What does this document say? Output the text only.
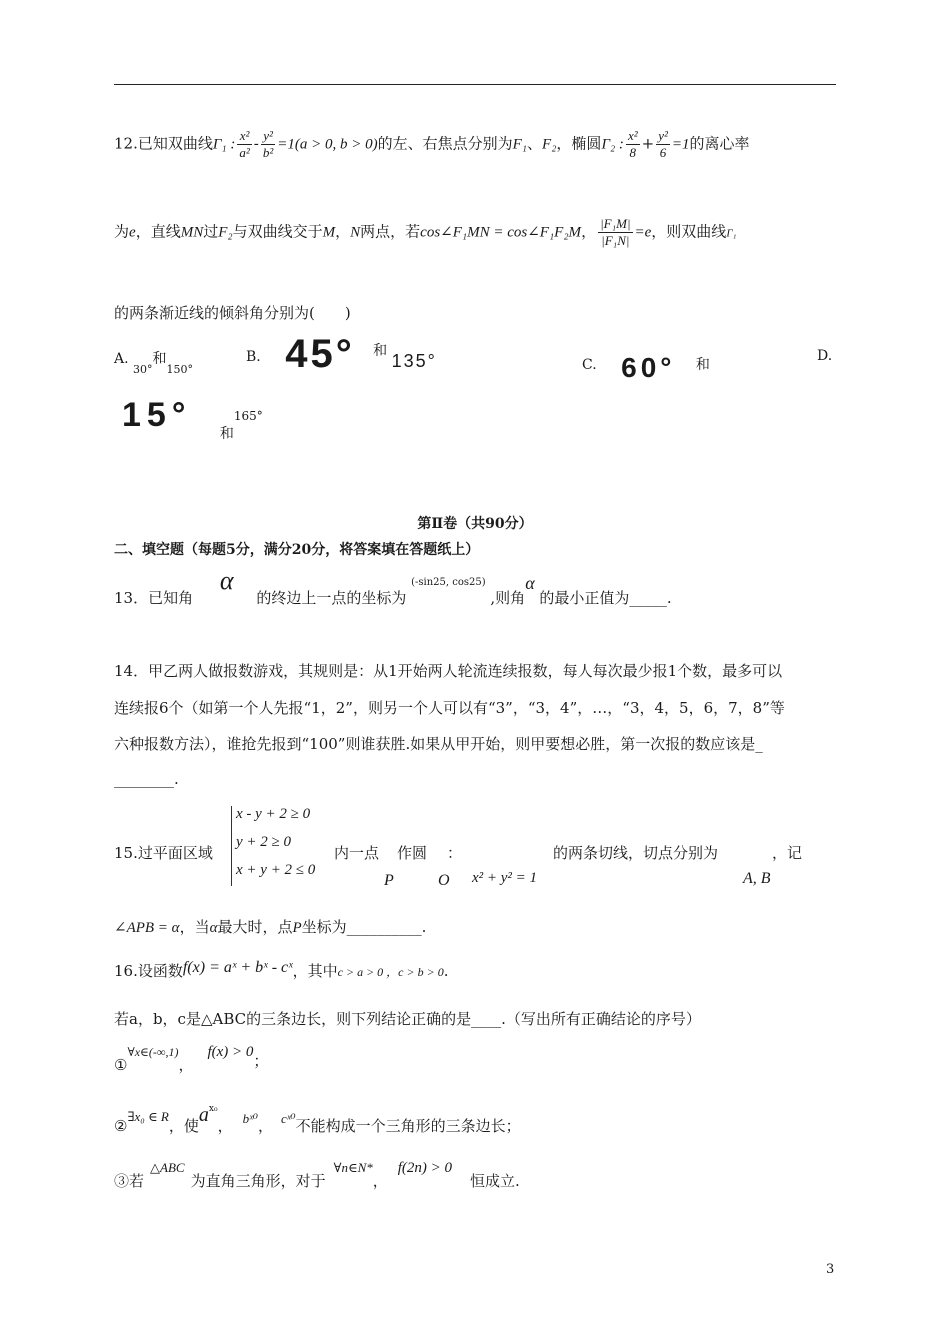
12.已知双曲线Γ₁ : $\frac{\text{x²}}{\text{a²}} - \frac{\text{y²}}{\text{b²}} =1(a > 0$, b > 0)的左、右焦点分别为F₁、F₂，椭圆Γ₂ : $\frac{\text{x²}}{8} + \frac{\text{y²}}{6} =1$的离心率
为e，直线MN过F₂与双曲线交于M，N两点，若cos∠F₁MN = cos∠F₁F₂M， $\frac{\text{|F₁M|}}{\text{|F₁N|}} =e$，则双曲线Γ₁
的两条渐近线的倾斜角分别为(　　)
A. $_{30^\circ}$和$_{150^\circ}$
B. 45° 和 135°	C. 60° 和
D.
15° 和165°
第Ⅱ卷（共90分）
二、填空题（每题5分，满分20分，将答案填在答题纸上）
13．已知角 α 的终边上一点的坐标为 $^{(-sin25, cos25)}$ ,则角α 的最小正值为_____.
14．甲乙两人做报数游戏，其规则是：从1开始两人轮流连续报数，每人每次最少报1个数，最多可以
连续报6个（如第一个人先报“1，2”，则另一个人可以有“3”，“3，4”，…，“3，4，5，6，7，8”等
六种报数方法），谁抢先报到“100”则谁获胜.如果从甲开始，则甲要想必胜，第一次报的数应该是_
________.
x - y + 2 ≥ 0
y + 2 ≥ 0
x + y + 2 ≤ 0
15.过平面区域	内一点 作圆 ：	的两条切线，切点分别为	，记
P	O x² + y² = 1	A, B
∠APB = α，当α最大时，点P坐标为__________.
16.设函数f(x) = aˣ + bˣ - cˣ，其中c > a > 0 ，c > b > 0.
若a，b，c是△ABC的三条边长，则下列结论正确的是____.（写出所有正确结论的序号）
①∀x∈(-∞,1)，f(x) > 0；
②∃x₀ ∈ R，使$a^{x_0}$， bˣ⁰， cˣ⁰不能构成一个三角形的三条边长；
③若△ABC为直角三角形，对于∀n∈N*，f(2n) > 0恒成立.
3
